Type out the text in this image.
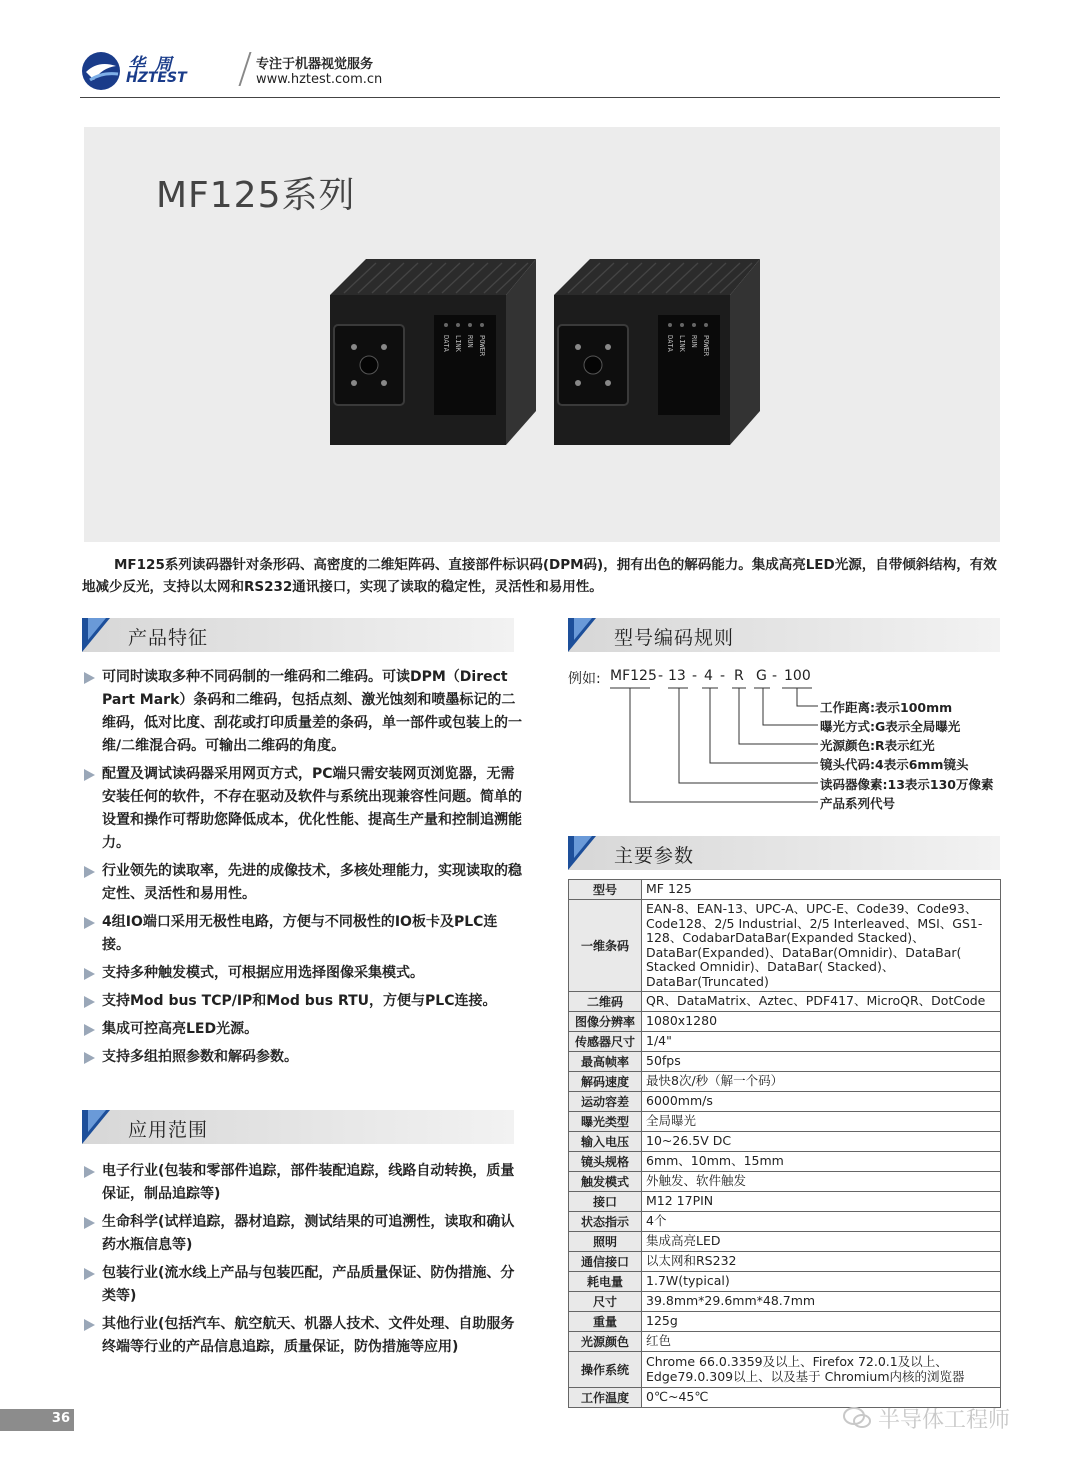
华 周
HZTEST
专注于机器视觉服务
www.hztest.com.cn
MF125系列
DATA LINK RUN POWER	DATA LINK RUN POWER

MF125系列读码器针对条形码、高密度的二维矩阵码、直接部件标识码(DPM码)，拥有出色的解码能力。集成高亮LED光源，自带倾斜结构，有效地减少反光，支持以太网和RS232通讯接口，实现了读取的稳定性，灵活性和易用性。

产品特征
可同时读取多种不同码制的一维码和二维码。可读DPM（Direct Part Mark）条码和二维码，包括点刻、激光蚀刻和喷墨标记的二维码，低对比度、刮花或打印质量差的条码，单一部件或包装上的一维/二维混合码。可输出二维码的角度。
配置及调试读码器采用网页方式，PC端只需安装网页浏览器，无需安装任何的软件，不存在驱动及软件与系统出现兼容性问题。简单的设置和操作可帮助您降低成本，优化性能、提高生产量和控制追溯能力。
行业领先的读取率，先进的成像技术，多核处理能力，实现读取的稳定性、灵活性和易用性。
4组IO端口采用无极性电路，方便与不同极性的IO板卡及PLC连接。
支持多种触发模式，可根据应用选择图像采集模式。
支持Mod bus TCP/IP和Mod bus RTU，方便与PLC连接。
集成可控高亮LED光源。
支持多组拍照参数和解码参数。
应用范围
电子行业(包装和零部件追踪，部件装配追踪，线路自动转换，质量保证，制品追踪等)
生命科学(试样追踪，器材追踪，测试结果的可追溯性，读取和确认药水瓶信息等)
包装行业(流水线上产品与包装匹配，产品质量保证、防伪措施、分类等)
其他行业(包括汽车、航空航天、机器人技术、文件处理、自助服务终端等行业的产品信息追踪，质量保证，防伪措施等应用)
型号编码规则
例如: MF125 - 13 - 4 - R G - 100
工作距离:表示100mm
曝光方式:G表示全局曝光
光源颜色:R表示红光
镜头代码:4表示6mm镜头
读码器像素:13表示130万像素
产品系列代号
主要参数
型号	MF 125
一维条码	EAN-8、EAN-13、UPC-A、UPC-E、Code39、Code93、Code128、2/5 Industrial、2/5 Interleaved、MSI、GS1-128、CodabarDataBar(Expanded Stacked)、DataBar(Expanded)、DataBar(Omnidir)、DataBar( Stacked Omnidir)、DataBar( Stacked)、DataBar(Truncated)
二维码	QR、DataMatrix、Aztec、PDF417、MicroQR、DotCode
图像分辨率	1080x1280
传感器尺寸	1/4"
最高帧率	50fps
解码速度	最快8次/秒（解一个码）
运动容差	6000mm/s
曝光类型	全局曝光
输入电压	10~26.5V DC
镜头规格	6mm、10mm、15mm
触发模式	外触发、软件触发
接口	M12 17PIN
状态指示	4个
照明	集成高亮LED
通信接口	以太网和RS232
耗电量	1.7W(typical)
尺寸	39.8mm*29.6mm*48.7mm
重量	125g
光源颜色	红色
操作系统	Chrome 66.0.3359及以上、Firefox 72.0.1及以上、Edge79.0.309以上、以及基于 Chromium内核的浏览器
工作温度	0℃~45℃
36	半导体工程师
